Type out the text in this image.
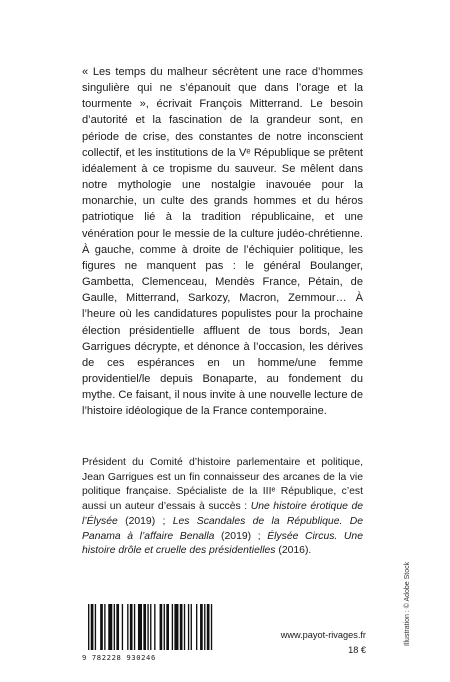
« Les temps du malheur sécrètent une race d’hommes singulière qui ne s’épanouit que dans l’orage et la tourmente », écrivait François Mitterrand. Le besoin d’autorité et la fascination de la grandeur sont, en période de crise, des constantes de notre inconscient collectif, et les institutions de la Vᵉ République se prêtent idéalement à ce tropisme du sauveur. Se mêlent dans notre mythologie une nostalgie inavouée pour la monarchie, un culte des grands hommes et du héros patriotique lié à la tradition républicaine, et une vénération pour le messie de la culture judéo-chrétienne. À gauche, comme à droite de l’échiquier politique, les figures ne manquent pas : le général Boulanger, Gambetta, Clemenceau, Mendès France, Pétain, de Gaulle, Mitterrand, Sarkozy, Macron, Zemmour… À l’heure où les candidatures populistes pour la prochaine élection présidentielle affluent de tous bords, Jean Garrigues décrypte, et dénonce à l’occasion, les dérives de ces espérances en un homme/une femme providentiel/le depuis Bonaparte, au fondement du mythe. Ce faisant, il nous invite à une nouvelle lecture de l’histoire idéologique de la France contemporaine.

Président du Comité d’histoire parlementaire et politique, Jean Garrigues est un fin connaisseur des arcanes de la vie politique française. Spécialiste de la IIIᵉ République, c’est aussi un auteur d’essais à succès : Une histoire érotique de l’Élysée (2019) ; Les Scandales de la République. De Panama à l’affaire Benalla (2019) ; Élysée Circus. Une histoire drôle et cruelle des présidentielles (2016).

Illustration : © Adobe Stock
9 782228 930246
www.payot-rivages.fr
18 €
